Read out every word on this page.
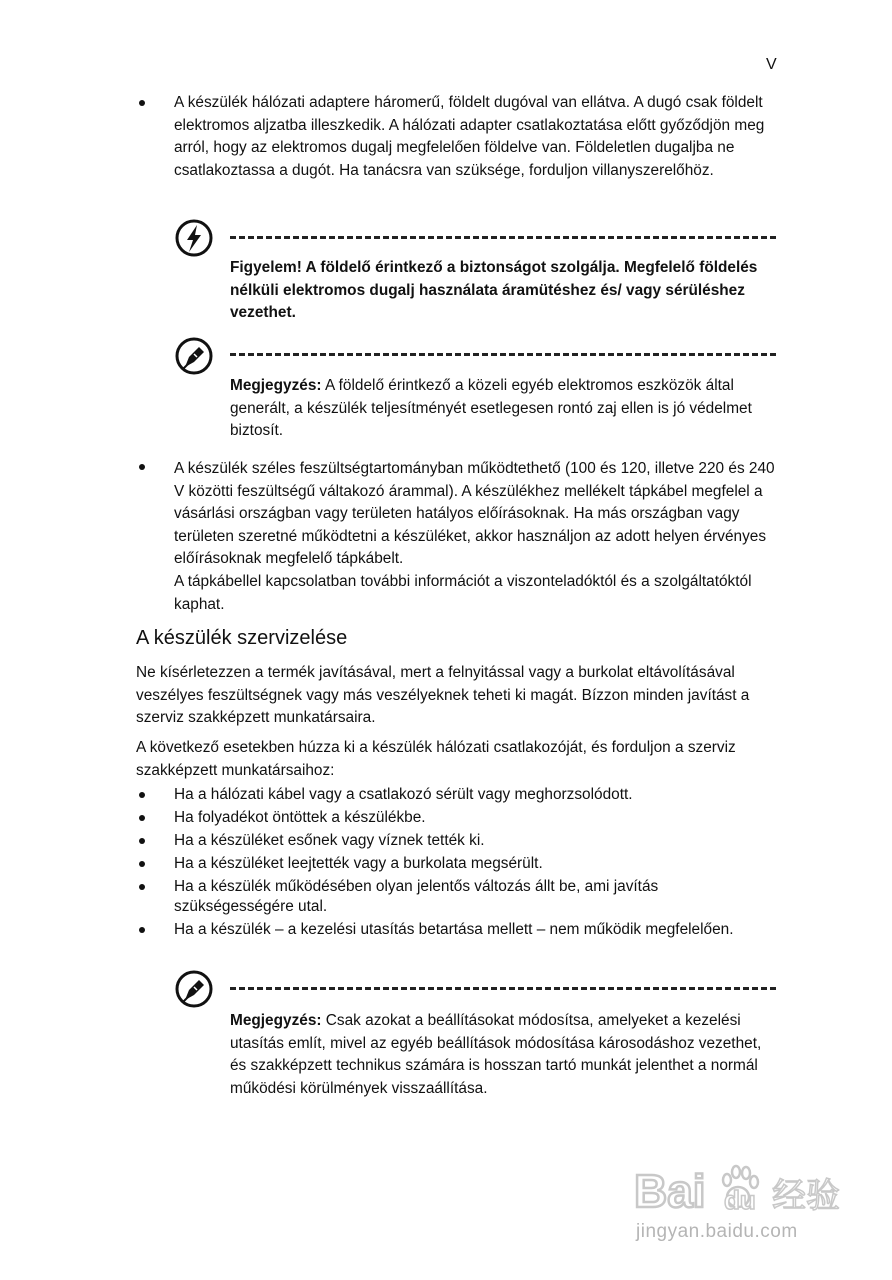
V

A készülék hálózati adaptere háromerű, földelt dugóval van ellátva. A dugó csak földelt elektromos aljzatba illeszkedik. A hálózati adapter csatlakoztatása előtt győződjön meg arról, hogy az elektromos dugalj megfelelően földelve van. Földeletlen dugaljba ne csatlakoztassa a dugót. Ha tanácsra van szüksége, forduljon villanyszerelőhöz.

Figyelem! A földelő érintkező a biztonságot szolgálja. Megfelelő földelés nélküli elektromos dugalj használata áramütéshez és/ vagy sérüléshez vezethet.

Megjegyzés: A földelő érintkező a közeli egyéb elektromos eszközök által generált, a készülék teljesítményét esetlegesen rontó zaj ellen is jó védelmet biztosít.

A készülék széles feszültségtartományban működtethető (100 és 120, illetve 220 és 240 V közötti feszültségű váltakozó árammal). A készülékhez mellékelt tápkábel megfelel a vásárlási országban vagy területen hatályos előírásoknak. Ha más országban vagy területen szeretné működtetni a készüléket, akkor használjon az adott helyen érvényes előírásoknak megfelelő tápkábelt.
A tápkábellel kapcsolatban további információt a viszonteladóktól és a szolgáltatóktól kaphat.

A készülék szervizelése

Ne kísérletezzen a termék javításával, mert a felnyitással vagy a burkolat eltávolításával veszélyes feszültségnek vagy más veszélyeknek teheti ki magát. Bízzon minden javítást a szerviz szakképzett munkatársaira.

A következő esetekben húzza ki a készülék hálózati csatlakozóját, és forduljon a szerviz szakképzett munkatársaihoz:

Ha a hálózati kábel vagy a csatlakozó sérült vagy meghorzsolódott.
Ha folyadékot öntöttek a készülékbe.
Ha a készüléket esőnek vagy víznek tették ki.
Ha a készüléket leejtették vagy a burkolata megsérült.
Ha a készülék működésében olyan jelentős változás állt be, ami javítás szükségességére utal.
Ha a készülék – a kezelési utasítás betartása mellett – nem működik megfelelően.

Megjegyzés: Csak azokat a beállításokat módosítsa, amelyeket a kezelési utasítás említ, mivel az egyéb beállítások módosítása károsodáshoz vezethet, és szakképzett technikus számára is hosszan tartó munkát jelenthet a normál működési körülmények visszaállítása.

Bai du 经验
jingyan.baidu.com
